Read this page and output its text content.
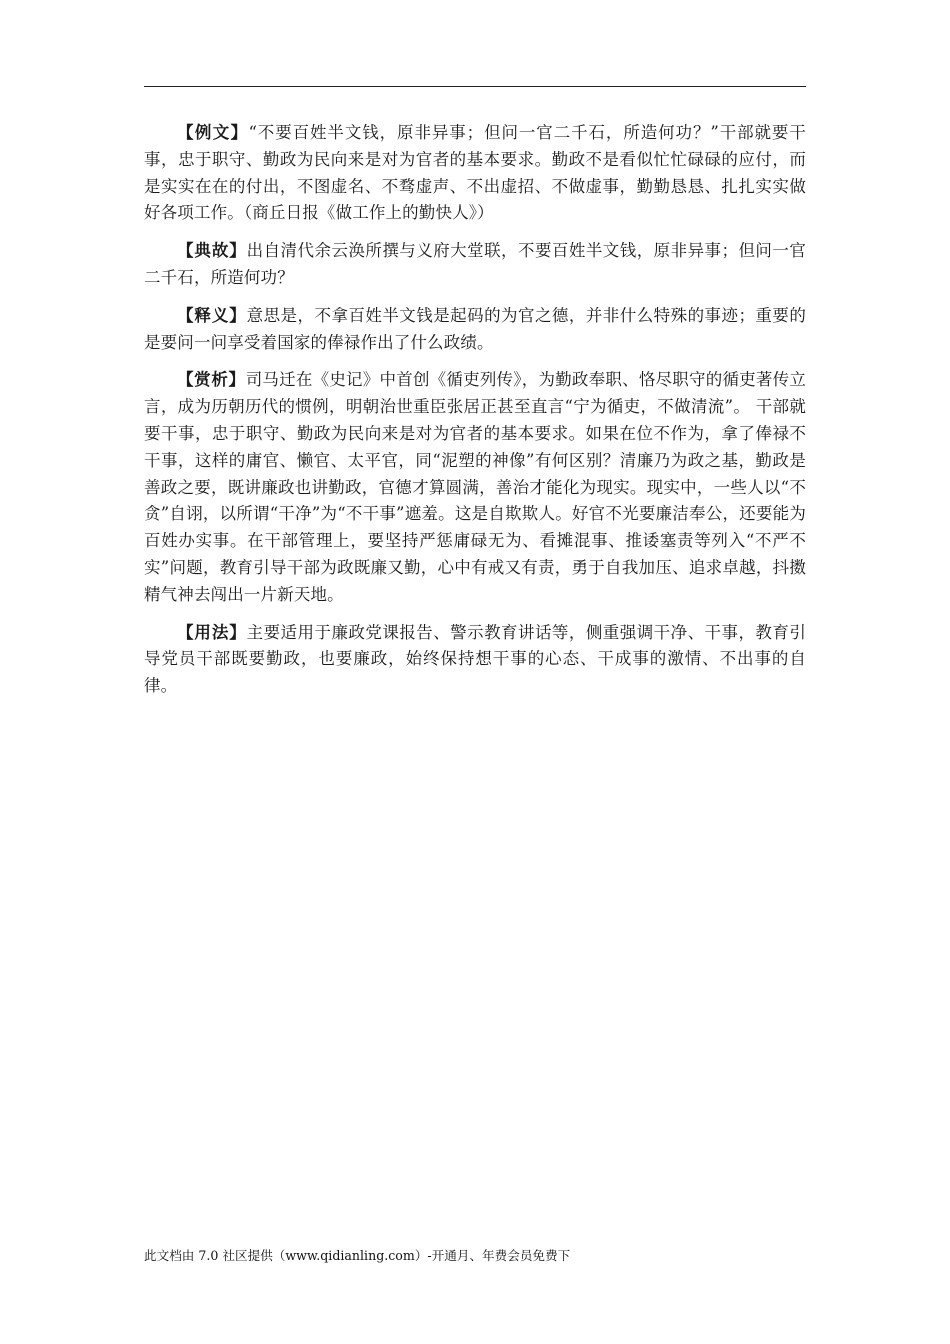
【例文】“不要百姓半文钱，原非异事；但问一官二千石，所造何功？”干部就要干事，忠于职守、勤政为民向来是对为官者的基本要求。勤政不是看似忙忙碌碌的应付，而是实实在在的付出，不图虚名、不骛虚声、不出虚招、不做虚事，勤勤恳恳、扎扎实实做好各项工作。（商丘日报《做工作上的勤快人》）

【典故】出自清代余云涣所撰与义府大堂联，不要百姓半文钱，原非异事；但问一官二千石，所造何功？

【释义】意思是，不拿百姓半文钱是起码的为官之德，并非什么特殊的事迹；重要的是要问一问享受着国家的俸禄作出了什么政绩。

【赏析】司马迁在《史记》中首创《循吏列传》，为勤政奉职、恪尽职守的循吏著传立言，成为历朝历代的惯例，明朝治世重臣张居正甚至直言“宁为循吏，不做清流”。 干部就要干事，忠于职守、勤政为民向来是对为官者的基本要求。如果在位不作为，拿了俸禄不干事，这样的庸官、懒官、太平官，同“泥塑的神像”有何区别？清廉乃为政之基，勤政是善政之要，既讲廉政也讲勤政，官德才算圆满，善治才能化为现实。现实中，一些人以“不贪”自诩，以所谓“干净”为“不干事”遮羞。这是自欺欺人。好官不光要廉洁奉公，还要能为百姓办实事。在干部管理上，要坚持严惩庸碌无为、看摊混事、推诿塞责等列入“不严不实”问题，教育引导干部为政既廉又勤，心中有戒又有责，勇于自我加压、追求卓越，抖擞精气神去闯出一片新天地。

【用法】主要适用于廉政党课报告、警示教育讲话等，侧重强调干净、干事，教育引导党员干部既要勤政，也要廉政，始终保持想干事的心态、干成事的激情、不出事的自律。

此文档由 7.0 社区提供（www.qidianling.com）-开通月、年费会员免费下
